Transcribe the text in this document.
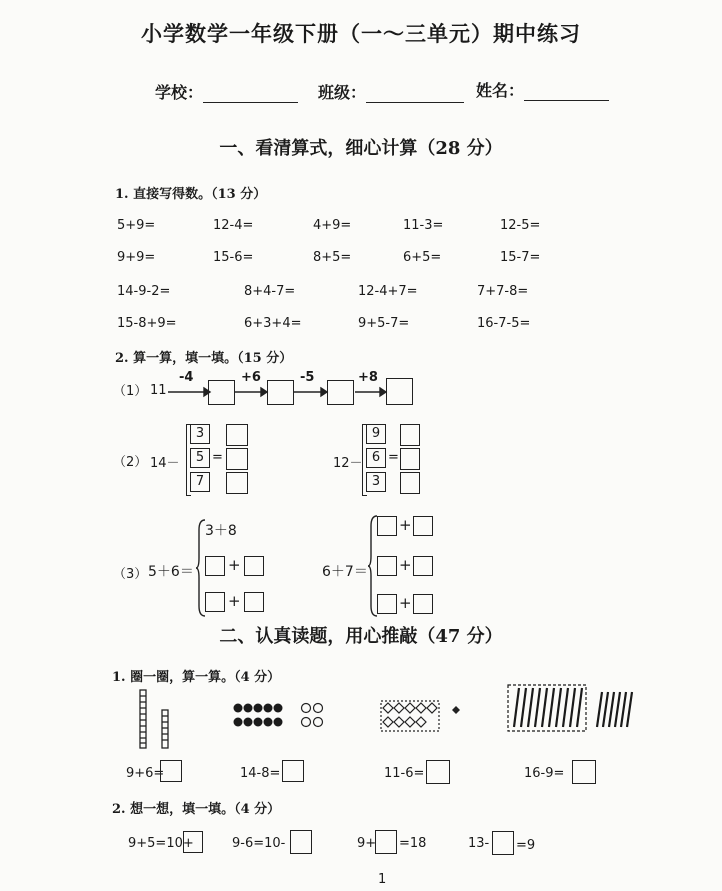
小学数学一年级下册（一～三单元）期中练习
学校：	班级：	姓名：
一、看清算式，细心计算（28 分）
1. 直接写得数。（13 分）
5+9=	12-4=	4+9=	11-3=	12-5=
9+9=	15-6=	8+5=	6+5=	15-7=
14-9-2=	8+4-7=	12-4+7=	7+7-8=
15-8+9=	6+3+4=	9+5-7=	16-7-5=
2. 算一算，填一填。（15 分）
（1） 11
-4	+6	-5	+8
（2） 14－
3
5
7
=	12－
9
6
3
=
（3） 5＋6＝
3＋8
+
+
6＋7＝
+
+
+
二、认真读题，用心推敲（47 分）
1. 圈一圈，算一算。（4 分）
9+6=	14-8=	11-6=	16-9=
2. 想一想，填一填。（4 分）
9+5=10+	9-6=10-	9+ =18	13- =9
1
